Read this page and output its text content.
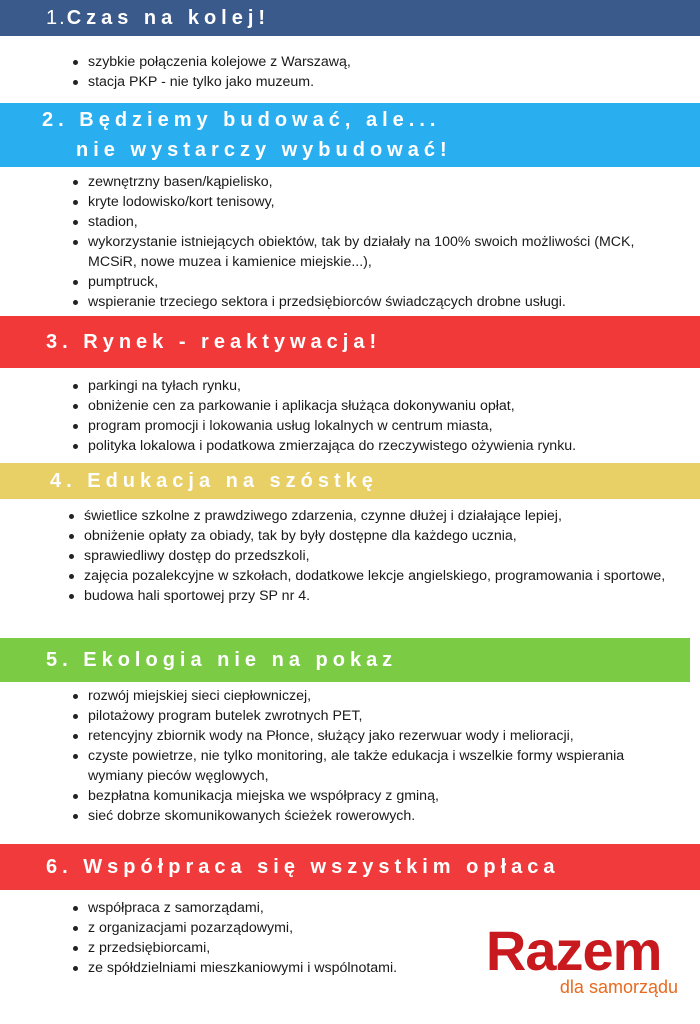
1.Czas na kolej!
szybkie połączenia kolejowe z Warszawą,
stacja PKP - nie tylko jako muzeum.
2. Będziemy budować, ale...
nie wystarczy wybudować!
zewnętrzny basen/kąpielisko,
kryte lodowisko/kort tenisowy,
stadion,
wykorzystanie istniejących obiektów, tak by działały na 100% swoich możliwości (MCK, MCSiR, nowe muzea i kamienice miejskie...),
pumptruck,
wspieranie trzeciego sektora i przedsiębiorców świadczących drobne usługi.
3. Rynek - reaktywacja!
parkingi na tyłach rynku,
obniżenie cen za parkowanie i aplikacja służąca dokonywaniu opłat,
program promocji i lokowania usług lokalnych w centrum miasta,
polityka lokalowa i podatkowa zmierzająca do rzeczywistego ożywienia rynku.
4. Edukacja na szóstkę
świetlice szkolne z prawdziwego zdarzenia, czynne dłużej i działające lepiej,
obniżenie opłaty za obiady, tak by były dostępne dla każdego ucznia,
sprawiedliwy dostęp do przedszkoli,
zajęcia pozalekcyjne w szkołach, dodatkowe lekcje angielskiego, programowania i sportowe,
budowa hali sportowej przy SP nr 4.
5. Ekologia nie na pokaz
rozwój miejskiej sieci ciepłowniczej,
pilotażowy program butelek zwrotnych PET,
retencyjny zbiornik wody na Płonce, służący jako rezerwuar wody i melioracji,
czyste powietrze, nie tylko monitoring, ale także edukacja i wszelkie formy wspierania wymiany pieców węglowych,
bezpłatna komunikacja miejska we współpracy z gminą,
sieć dobrze skomunikowanych ścieżek rowerowych.
6. Współpraca się wszystkim opłaca
współpraca z samorządami,
z organizacjami pozarządowymi,
z przedsiębiorcami,
ze spółdzielniami mieszkaniowymi i wspólnotami.	Razem
dla samorządu
